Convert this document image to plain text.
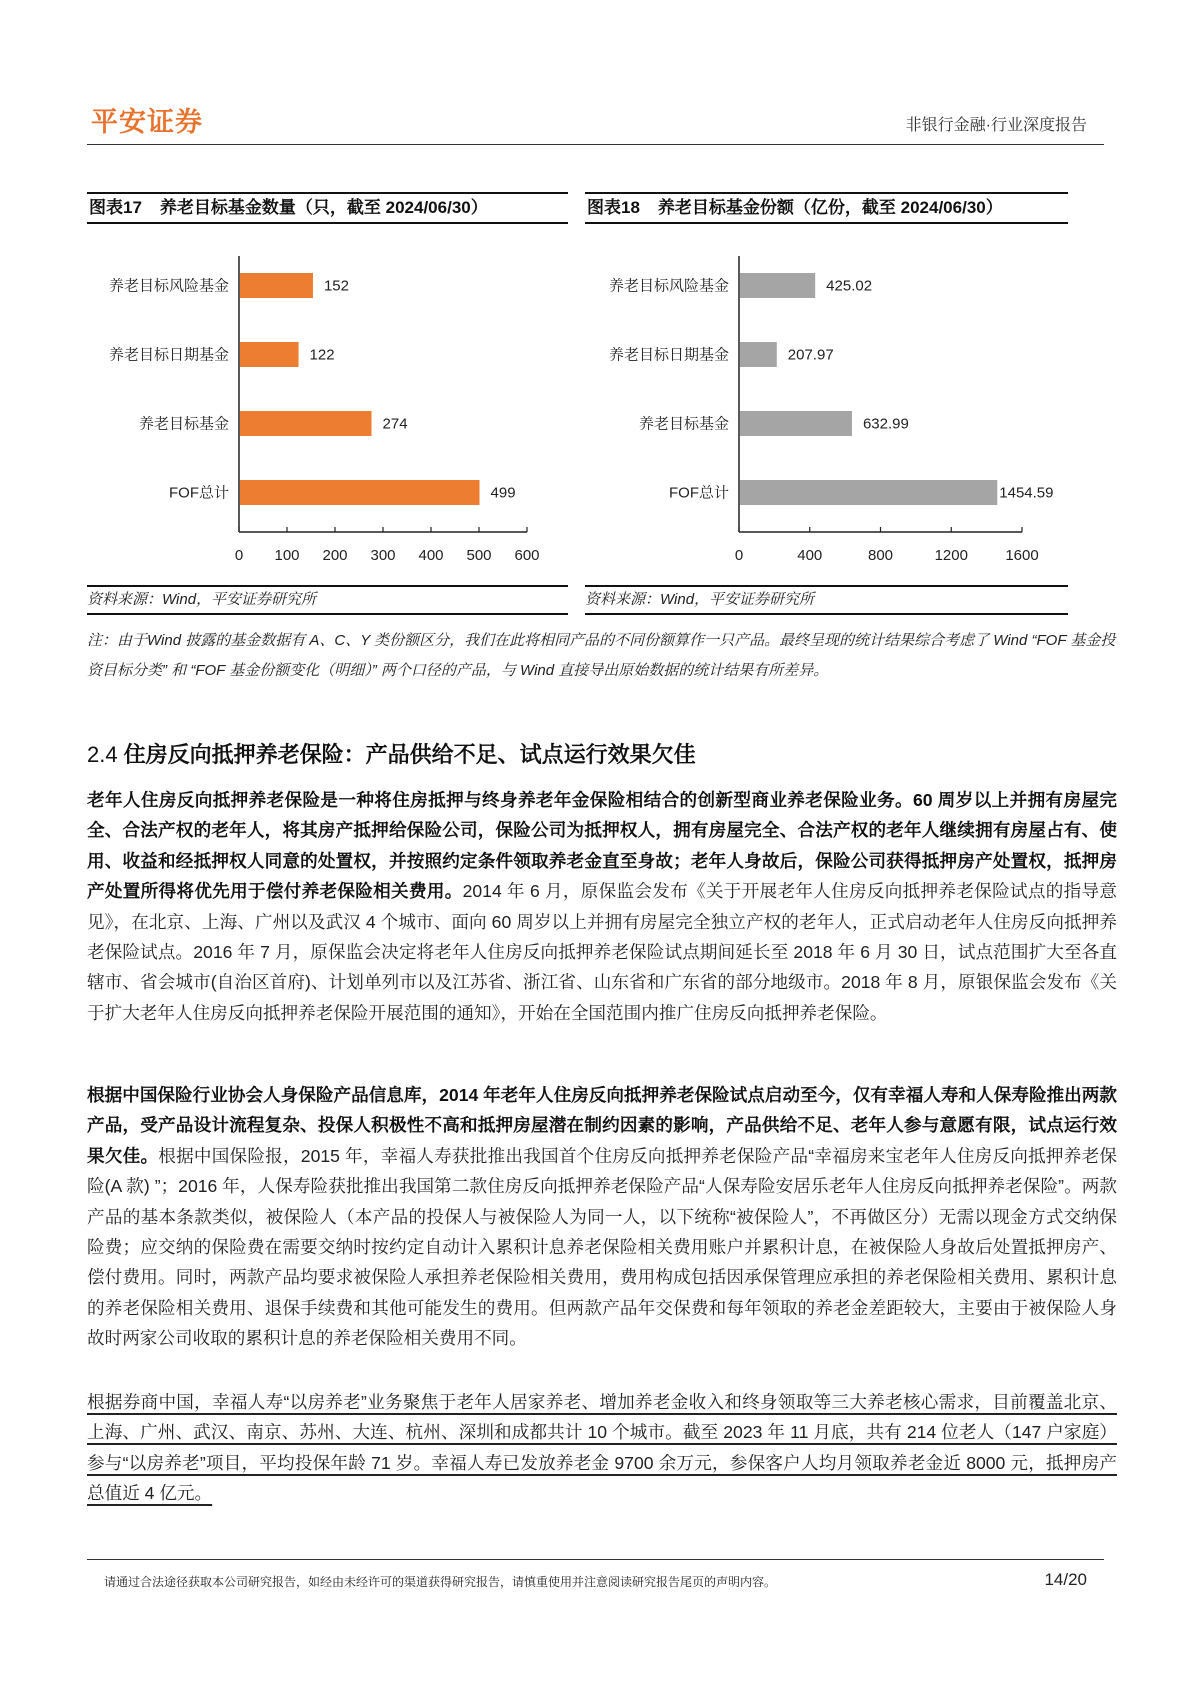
平安证券	非银行金融·行业深度报告
图表17 养老目标基金数量（只，截至 2024/06/30）	图表18 养老目标基金份额（亿份，截至 2024/06/30）
0 100 200 300 400 500 600
养老目标风险基金	152
养老目标日期基金	122
养老目标基金	274
FOF总计	499
0	400	800	1200 1600
养老目标风险基金	425.02
养老目标日期基金	207.97
养老目标基金	632.99
FOF总计	1454.59
资料来源：Wind，平安证券研究所	资料来源：Wind，平安证券研究所
注：由于Wind 披露的基金数据有 A、C、Y 类份额区分，我们在此将相同产品的不同份额算作一只产品。最终呈现的统计结果综合考虑了 Wind “FOF 基金投资目标分类” 和 “FOF 基金份额变化（明细）” 两个口径的产品，与 Wind 直接导出原始数据的统计结果有所差异。
2.4 住房反向抵押养老保险：产品供给不足、试点运行效果欠佳
老年人住房反向抵押养老保险是一种将住房抵押与终身养老年金保险相结合的创新型商业养老保险业务。60 周岁以上并拥有房屋完全、合法产权的老年人，将其房产抵押给保险公司，保险公司为抵押权人，拥有房屋完全、合法产权的老年人继续拥有房屋占有、使用、收益和经抵押权人同意的处置权，并按照约定条件领取养老金直至身故；老年人身故后，保险公司获得抵押房产处置权，抵押房产处置所得将优先用于偿付养老保险相关费用。2014 年 6 月，原保监会发布《关于开展老年人住房反向抵押养老保险试点的指导意见》，在北京、上海、广州以及武汉 4 个城市、面向 60 周岁以上并拥有房屋完全独立产权的老年人，正式启动老年人住房反向抵押养老保险试点。2016 年 7 月，原保监会决定将老年人住房反向抵押养老保险试点期间延长至 2018 年 6 月 30 日，试点范围扩大至各直辖市、省会城市(自治区首府)、计划单列市以及江苏省、浙江省、山东省和广东省的部分地级市。2018 年 8 月，原银保监会发布《关于扩大老年人住房反向抵押养老保险开展范围的通知》，开始在全国范围内推广住房反向抵押养老保险。
根据中国保险行业协会人身保险产品信息库，2014 年老年人住房反向抵押养老保险试点启动至今，仅有幸福人寿和人保寿险推出两款产品，受产品设计流程复杂、投保人积极性不高和抵押房屋潜在制约因素的影响，产品供给不足、老年人参与意愿有限，试点运行效果欠佳。根据中国保险报，2015 年，幸福人寿获批推出我国首个住房反向抵押养老保险产品“幸福房来宝老年人住房反向抵押养老保险(A 款) ”；2016 年，人保寿险获批推出我国第二款住房反向抵押养老保险产品“人保寿险安居乐老年人住房反向抵押养老保险”。两款产品的基本条款类似，被保险人（本产品的投保人与被保险人为同一人，以下统称“被保险人”，不再做区分）无需以现金方式交纳保险费；应交纳的保险费在需要交纳时按约定自动计入累积计息养老保险相关费用账户并累积计息，在被保险人身故后处置抵押房产、偿付费用。同时，两款产品均要求被保险人承担养老保险相关费用，费用构成包括因承保管理应承担的养老保险相关费用、累积计息的养老保险相关费用、退保手续费和其他可能发生的费用。但两款产品年交保费和每年领取的养老金差距较大，主要由于被保险人身故时两家公司收取的累积计息的养老保险相关费用不同。
根据券商中国，幸福人寿“以房养老”业务聚焦于老年人居家养老、增加养老金收入和终身领取等三大养老核心需求，目前覆盖北京、上海、广州、武汉、南京、苏州、大连、杭州、深圳和成都共计 10 个城市。截至 2023 年 11 月底，共有 214 位老人（147 户家庭）参与“以房养老”项目，平均投保年龄 71 岁。幸福人寿已发放养老金 9700 余万元，参保客户人均月领取养老金近 8000 元，抵押房产总值近 4 亿元。
请通过合法途径获取本公司研究报告，如经由未经许可的渠道获得研究报告，请慎重使用并注意阅读研究报告尾页的声明内容。	14/20
